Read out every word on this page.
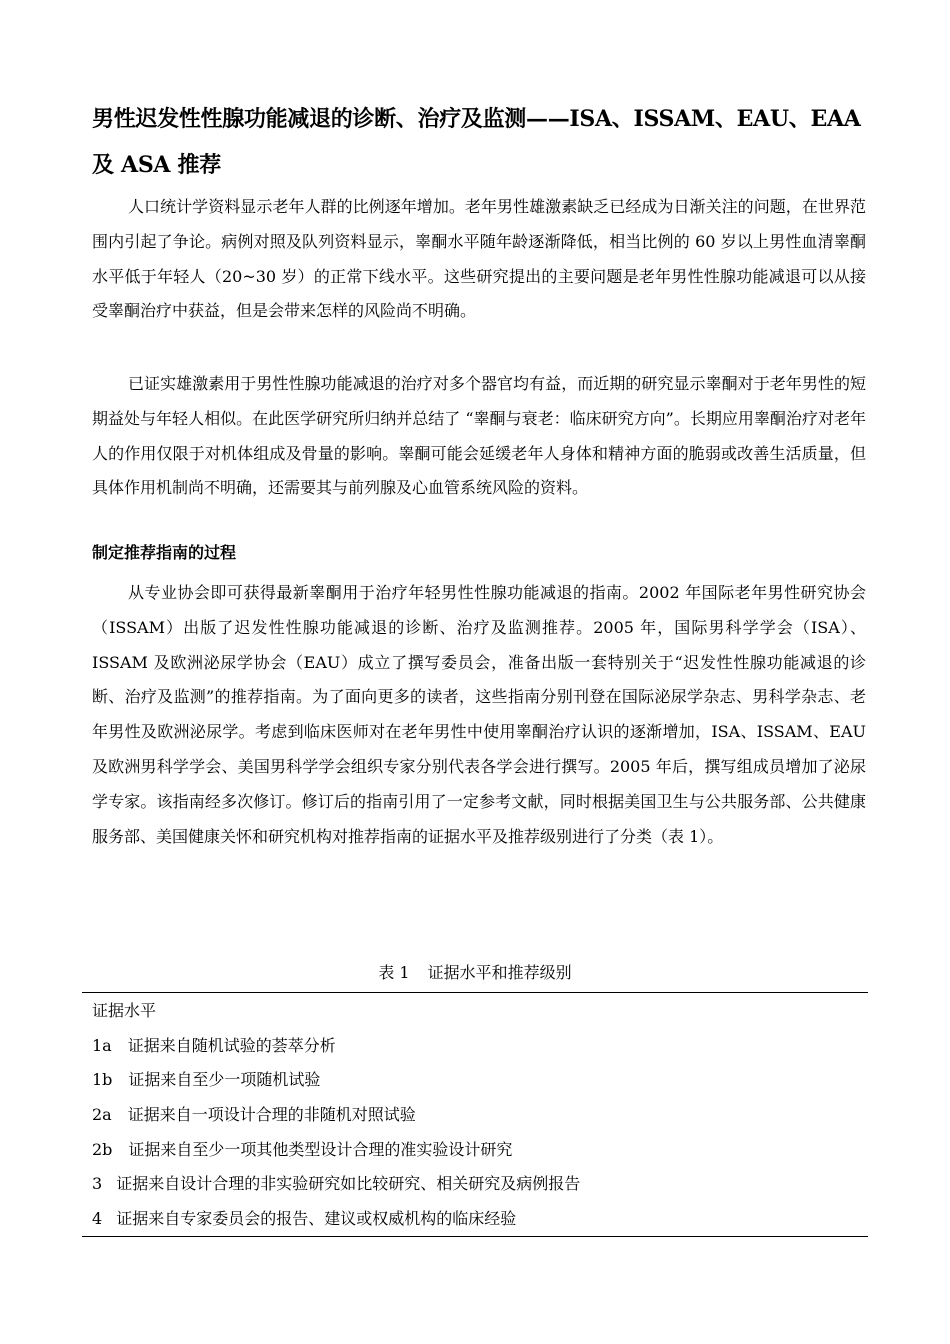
男性迟发性性腺功能减退的诊断、治疗及监测——ISA、ISSAM、EAU、EAA 及 ASA 推荐

人口统计学资料显示老年人群的比例逐年增加。老年男性雄激素缺乏已经成为日渐关注的问题，在世界范围内引起了争论。病例对照及队列资料显示，睾酮水平随年龄逐渐降低，相当比例的 60 岁以上男性血清睾酮水平低于年轻人（20~30 岁）的正常下线水平。这些研究提出的主要问题是老年男性性腺功能减退可以从接受睾酮治疗中获益，但是会带来怎样的风险尚不明确。

已证实雄激素用于男性性腺功能减退的治疗对多个器官均有益，而近期的研究显示睾酮对于老年男性的短期益处与年轻人相似。在此医学研究所归纳并总结了 “睾酮与衰老：临床研究方向”。长期应用睾酮治疗对老年人的作用仅限于对机体组成及骨量的影响。睾酮可能会延缓老年人身体和精神方面的脆弱或改善生活质量，但具体作用机制尚不明确，还需要其与前列腺及心血管系统风险的资料。

制定推荐指南的过程

从专业协会即可获得最新睾酮用于治疗年轻男性性腺功能减退的指南。2002 年国际老年男性研究协会（ISSAM）出版了迟发性性腺功能减退的诊断、治疗及监测推荐。2005 年，国际男科学学会（ISA）、ISSAM 及欧洲泌尿学协会（EAU）成立了撰写委员会，准备出版一套特别关于“迟发性性腺功能减退的诊断、治疗及监测”的推荐指南。为了面向更多的读者，这些指南分别刊登在国际泌尿学杂志、男科学杂志、老年男性及欧洲泌尿学。考虑到临床医师对在老年男性中使用睾酮治疗认识的逐渐增加，ISA、ISSAM、EAU 及欧洲男科学学会、美国男科学学会组织专家分别代表各学会进行撰写。2005 年后，撰写组成员增加了泌尿学专家。该指南经多次修订。修订后的指南引用了一定参考文献，同时根据美国卫生与公共服务部、公共健康服务部、美国健康关怀和研究机构对推荐指南的证据水平及推荐级别进行了分类（表 1）。

表 1 证据水平和推荐级别
证据水平
1a 证据来自随机试验的荟萃分析
1b 证据来自至少一项随机试验
2a 证据来自一项设计合理的非随机对照试验
2b 证据来自至少一项其他类型设计合理的准实验设计研究
3 证据来自设计合理的非实验研究如比较研究、相关研究及病例报告
4 证据来自专家委员会的报告、建议或权威机构的临床经验
